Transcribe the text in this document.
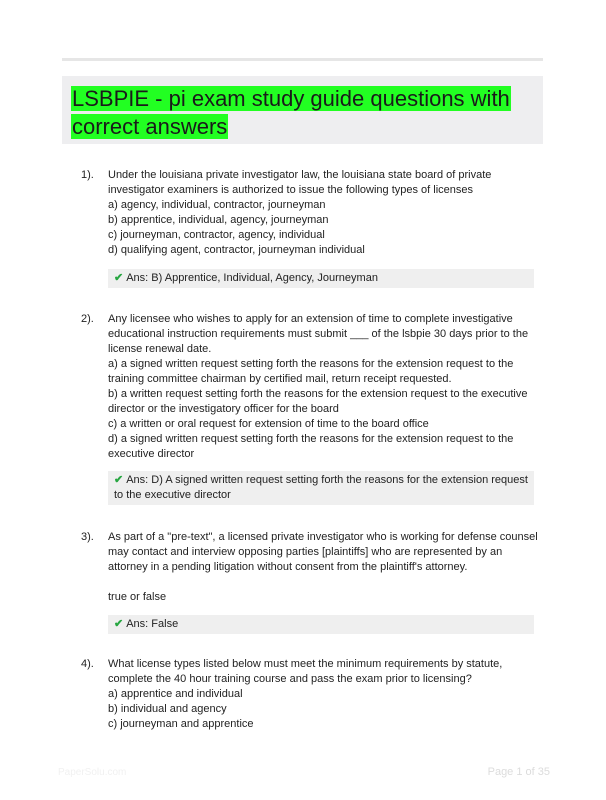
LSBPIE - pi exam study guide questions with correct answers
1). Under the louisiana private investigator law, the louisiana state board of private investigator examiners is authorized to issue the following types of licenses

a) agency, individual, contractor, journeyman

b) apprentice, individual, agency, journeyman

c) journeyman, contractor, agency, individual

d) qualifying agent, contractor, journeyman individual

✔ Ans: B) Apprentice, Individual, Agency, Journeyman
2). Any licensee who wishes to apply for an extension of time to complete investigative educational instruction requirements must submit ___ of the lsbpie 30 days prior to the license renewal date.

a) a signed written request setting forth the reasons for the extension request to the training committee chairman by certified mail, return receipt requested.

b) a written request setting forth the reasons for the extension request to the executive director or the investigatory officer for the board

c) a written or oral request for extension of time to the board office

d) a signed written request setting forth the reasons for the extension request to the executive director

✔ Ans: D) A signed written request setting forth the reasons for the extension request to the executive director
3). As part of a "pre-text", a licensed private investigator who is working for defense counsel may contact and interview opposing parties [plaintiffs] who are represented by an attorney in a pending litigation without consent from the plaintiff's attorney.

true or false

✔ Ans: False
4). What license types listed below must meet the minimum requirements by statute, complete the 40 hour training course and pass the exam prior to licensing?

a) apprentice and individual

b) individual and agency

c) journeyman and apprentice

PaperSolu.com	Page 1 of 35
